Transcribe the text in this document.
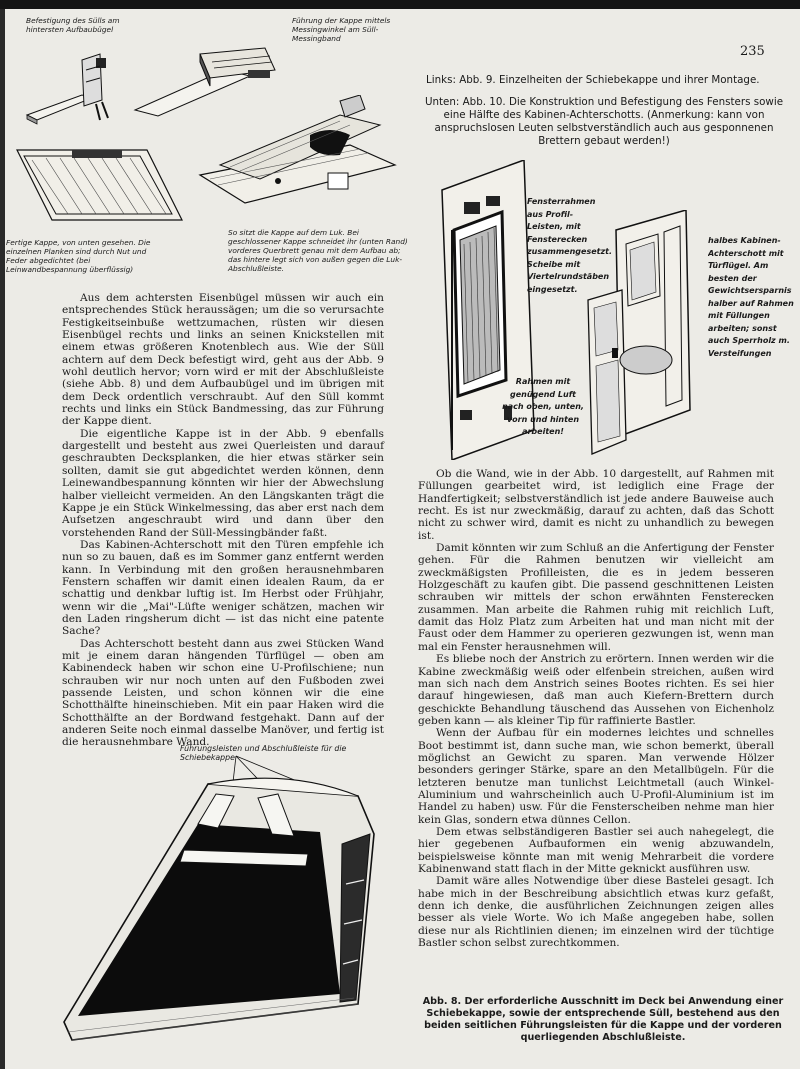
235
Befestigung des Sülls am hintersten Aufbaubügel
Führung der Kappe mittels Messingwinkel am Süll-Messingband
Fertige Kappe, von unten gesehen. Die einzelnen Planken sind durch Nut und Feder abgedichtet (bei Leinwandbespannung überflüssig)
So sitzt die Kappe auf dem Luk. Bei geschlossener Kappe schneidet ihr (unten Rand) vorderes Querbrett genau mit dem Aufbau ab; das hintere legt sich von außen gegen die Luk-Abschlußleiste.
Links: Abb. 9. Einzelheiten der Schiebekappe und ihrer Montage.
Unten: Abb. 10. Die Konstruktion und Befestigung des Fensters sowie eine Hälfte des Kabinen-Achterschotts. (Anmerkung: kann von anspruchslosen Leuten selbstverständlich auch aus gesponnenen Brettern gebaut werden!)
Fensterrahmen aus Profil-Leisten, mit Fensterecken zusammengesetzt. Scheibe mit Viertelrundstäben eingesetzt.
Rahmen mit genügend Luft nach oben, unten, vorn und hinten arbeiten!
halbes Kabinen-Achterschott mit Türflügel. Am besten der Gewichtsersparnis halber auf Rahmen mit Füllungen arbeiten; sonst auch Sperrholz m. Versteifungen

Aus dem achtersten Eisenbügel müssen wir auch ein entsprechendes Stück heraussägen; um die so verursachte Festigkeitseinbuße wettzumachen, rüsten wir diesen Eisenbügel rechts und links an seinen Knickstellen mit einem etwas größeren Knotenblech aus. Wie der Süll achtern auf dem Deck befestigt wird, geht aus der Abb. 9 wohl deutlich hervor; vorn wird er mit der Abschlußleiste (siehe Abb. 8) und dem Aufbaubügel und im übrigen mit dem Deck ordentlich verschraubt. Auf den Süll kommt rechts und links ein Stück Bandmessing, das zur Führung der Kappe dient.

Die eigentliche Kappe ist in der Abb. 9 ebenfalls dargestellt und besteht aus zwei Querleisten und darauf geschraubten Decksplanken, die hier etwas stärker sein sollten, damit sie gut abgedichtet werden können, denn Leinewandbespannung könnten wir hier der Abwechslung halber vielleicht vermeiden. An den Längskanten trägt die Kappe je ein Stück Winkelmessing, das aber erst nach dem Aufsetzen angeschraubt wird und dann über den vorstehenden Rand der Süll-Messingbänder faßt.

Das Kabinen-Achterschott mit den Türen empfehle ich nun so zu bauen, daß es im Sommer ganz entfernt werden kann. In Verbindung mit den großen herausnehmbaren Fenstern schaffen wir damit einen idealen Raum, da er schattig und denkbar luftig ist. Im Herbst oder Frühjahr, wenn wir die „Mai"-Lüfte weniger schätzen, machen wir den Laden ringsherum dicht — ist das nicht eine patente Sache?

Das Achterschott besteht dann aus zwei Stücken Wand mit je einem daran hängenden Türflügel — oben am Kabinendeck haben wir schon eine U-Profilschiene; nun schrauben wir nur noch unten auf den Fußboden zwei passende Leisten, und schon können wir die eine Schotthälfte hineinschieben. Mit ein paar Haken wird die Schotthälfte an der Bordwand festgehakt. Dann auf der anderen Seite noch einmal dasselbe Manöver, und fertig ist die herausnehmbare Wand.

Ob die Wand, wie in der Abb. 10 dargestellt, auf Rahmen mit Füllungen gearbeitet wird, ist lediglich eine Frage der Handfertigkeit; selbstverständlich ist jede andere Bauweise auch recht. Es ist nur zweckmäßig, darauf zu achten, daß das Schott nicht zu schwer wird, damit es nicht zu unhandlich zu bewegen ist.

Damit könnten wir zum Schluß an die Anfertigung der Fenster gehen. Für die Rahmen benutzen wir vielleicht am zweckmäßigsten Profilleisten, die es in jedem besseren Holzgeschäft zu kaufen gibt. Die passend geschnittenen Leisten schrauben wir mittels der schon erwähnten Fensterecken zusammen. Man arbeite die Rahmen ruhig mit reichlich Luft, damit das Holz Platz zum Arbeiten hat und man nicht mit der Faust oder dem Hammer zu operieren gezwungen ist, wenn man mal ein Fenster herausnehmen will.

Es bliebe noch der Anstrich zu erörtern. Innen werden wir die Kabine zweckmäßig weiß oder elfenbein streichen, außen wird man sich nach dem Anstrich seines Bootes richten. Es sei hier darauf hingewiesen, daß man auch Kiefern-Brettern durch geschickte Behandlung täuschend das Aussehen von Eichenholz geben kann — als kleiner Tip für raffinierte Bastler.

Wenn der Aufbau für ein modernes leichtes und schnelles Boot bestimmt ist, dann suche man, wie schon bemerkt, überall möglichst an Gewicht zu sparen. Man verwende Hölzer besonders geringer Stärke, spare an den Metallbügeln. Für die letzteren benutze man tunlichst Leichtmetall (auch Winkel-Aluminium und wahrscheinlich auch U-Profil-Aluminium ist im Handel zu haben) usw. Für die Fensterscheiben nehme man hier kein Glas, sondern etwa dünnes Cellon.

Dem etwas selbständigeren Bastler sei auch nahegelegt, die hier gegebenen Aufbauformen ein wenig abzuwandeln, beispielsweise könnte man mit wenig Mehrarbeit die vordere Kabinenwand statt flach in der Mitte geknickt ausführen usw.

Damit wäre alles Notwendige über diese Bastelei gesagt. Ich habe mich in der Beschreibung absichtlich etwas kurz gefaßt, denn ich denke, die ausführlichen Zeichnungen zeigen alles besser als viele Worte. Wo ich Maße angegeben habe, sollen diese nur als Richtlinien dienen; im einzelnen wird der tüchtige Bastler schon selbst zurechtkommen.

Führungsleisten und Abschlußleiste für die Schiebekappe
Abb. 8. Der erforderliche Ausschnitt im Deck bei Anwendung einer Schiebekappe, sowie der entsprechende Süll, bestehend aus den beiden seitlichen Führungsleisten für die Kappe und der vorderen querliegenden Abschlußleiste.
